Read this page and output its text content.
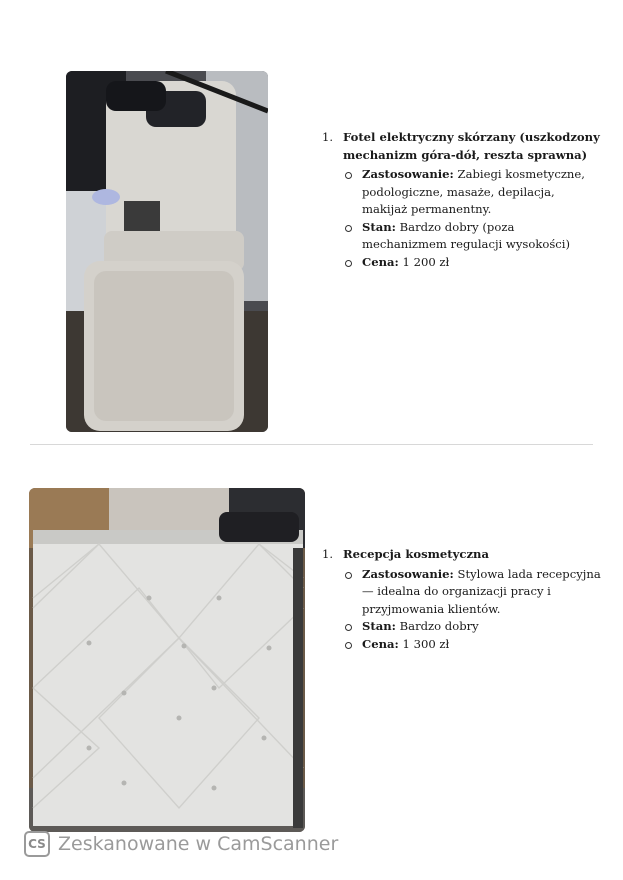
1. Fotel elektryczny skórzany (uszkodzony mechanizm góra-dół, reszta sprawna)
Zastosowanie: Zabiegi kosmetyczne, podologiczne, masaże, depilacja, makijaż permanentny.
Stan: Bardzo dobry (poza mechanizmem regulacji wysokości)
Cena: 1 200 zł
1. Recepcja kosmetyczna
Zastosowanie: Stylowa lada recepcyjna — idealna do organizacji pracy i przyjmowania klientów.
Stan: Bardzo dobry
Cena: 1 300 zł
CS Zeskanowane w CamScanner
